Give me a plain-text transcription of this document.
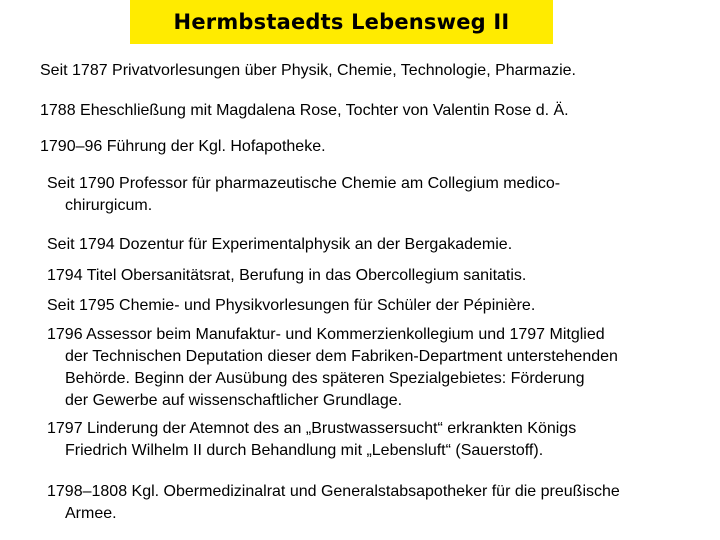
Hermbstaedts Lebensweg II
Seit 1787 Privatvorlesungen über Physik, Chemie, Technologie, Pharmazie.
1788 Eheschließung mit Magdalena Rose, Tochter von Valentin Rose d. Ä.
1790–96 Führung der Kgl. Hofapotheke.
Seit 1790 Professor für pharmazeutische Chemie am Collegium medico-
chirurgicum.
Seit 1794 Dozentur für Experimentalphysik an der Bergakademie.
1794 Titel Obersanitätsrat, Berufung in das Obercollegium sanitatis.
Seit 1795 Chemie- und Physikvorlesungen für Schüler der Pépinière.
1796 Assessor beim Manufaktur- und Kommerzienkollegium und 1797 Mitglied
der Technischen Deputation dieser dem Fabriken-Department unterstehenden
Behörde. Beginn der Ausübung des späteren Spezialgebietes: Förderung
der Gewerbe auf wissenschaftlicher Grundlage.
1797 Linderung der Atemnot des an „Brustwassersucht“ erkrankten Königs
Friedrich Wilhelm II durch Behandlung mit „Lebensluft“ (Sauerstoff).
1798–1808 Kgl. Obermedizinalrat und Generalstabsapotheker für die preußische
Armee.
